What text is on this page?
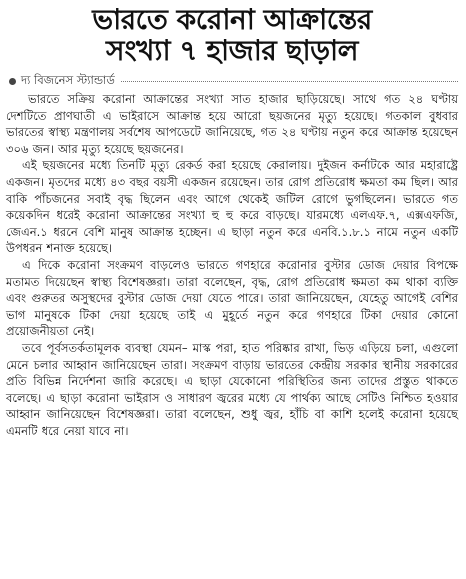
ভারতে করোনা আক্রান্তের
সংখ্যা ৭ হাজার ছাড়াল
দ্য বিজনেস স্ট্যান্ডার্ড

ভারতে সক্রিয় করোনা আক্রান্তের সংখ্যা সাত হাজার ছাড়িয়েছে। সাথে গত ২৪ ঘণ্টায় দেশটিতে প্রাণঘাতী এ ভাইরাসে আক্রান্ত হয়ে আরো ছয়জনের মৃত্যু হয়েছে। গতকাল বুধবার ভারতের স্বাস্থ্য মন্ত্রণালয় সর্বশেষ আপডেটে জানিয়েছে, গত ২৪ ঘণ্টায় নতুন করে আক্রান্ত হয়েছেন ৩০৬ জন। আর মৃত্যু হয়েছে ছয়জনের।

এই ছয়জনের মধ্যে তিনটি মৃত্যু রেকর্ড করা হয়েছে কেরালায়। দুইজন কর্নাটকে আর মহারাষ্ট্রে একজন। মৃতদের মধ্যে ৪৩ বছর বয়সী একজন রয়েছেন। তার রোগ প্রতিরোধ ক্ষমতা কম ছিল। আর বাকি পাঁচজনের সবাই বৃদ্ধ ছিলেন এবং আগে থেকেই জটিল রোগে ভুগছিলেন। ভারতে গত কয়েকদিন ধরেই করোনা আক্রান্তের সংখ্যা হু হু করে বাড়ছে। যারমধ্যে এলএফ.৭, এক্সএফজি, জেএন.১ ধরনে বেশি মানুষ আক্রান্ত হচ্ছেন। এ ছাড়া নতুন করে এনবি.১.৮.১ নামে নতুন একটি উপধরন শনাক্ত হয়েছে।

এ দিকে করোনা সংক্রমণ বাড়লেও ভারতে গণহারে করোনার বুস্টার ডোজ দেয়ার বিপক্ষে মতামত দিয়েছেন স্বাস্থ্য বিশেষজ্ঞরা। তারা বলেছেন, বৃদ্ধ, রোগ প্রতিরোধ ক্ষমতা কম থাকা ব্যক্তি এবং গুরুতর অসুস্থদের বুস্টার ডোজ দেয়া যেতে পারে। তারা জানিয়েছেন, যেহেতু আগেই বেশির ভাগ মানুষকে টিকা দেয়া হয়েছে তাই এ মুহূর্তে নতুন করে গণহারে টিকা দেয়ার কোনো প্রয়োজনীয়তা নেই।

তবে পূর্বসতর্কতামূলক ব্যবস্থা যেমন– মাস্ক পরা, হাত পরিষ্কার রাখা, ভিড় এড়িয়ে চলা, এগুলো মেনে চলার আহ্বান জানিয়েছেন তারা। সংক্রমণ বাড়ায় ভারতের কেন্দ্রীয় সরকার স্থানীয় সরকারের প্রতি বিভিন্ন নির্দেশনা জারি করেছে। এ ছাড়া যেকোনো পরিস্থিতির জন্য তাদের প্রস্তুত থাকতে বলেছে। এ ছাড়া করোনা ভাইরাস ও সাধারণ জ্বরের মধ্যে যে পার্থক্য আছে সেটিও নিশ্চিত হওয়ার আহ্বান জানিয়েছেন বিশেষজ্ঞরা। তারা বলেছেন, শুধু জ্বর, হাঁচি বা কাশি হলেই করোনা হয়েছে এমনটি ধরে নেয়া যাবে না।
